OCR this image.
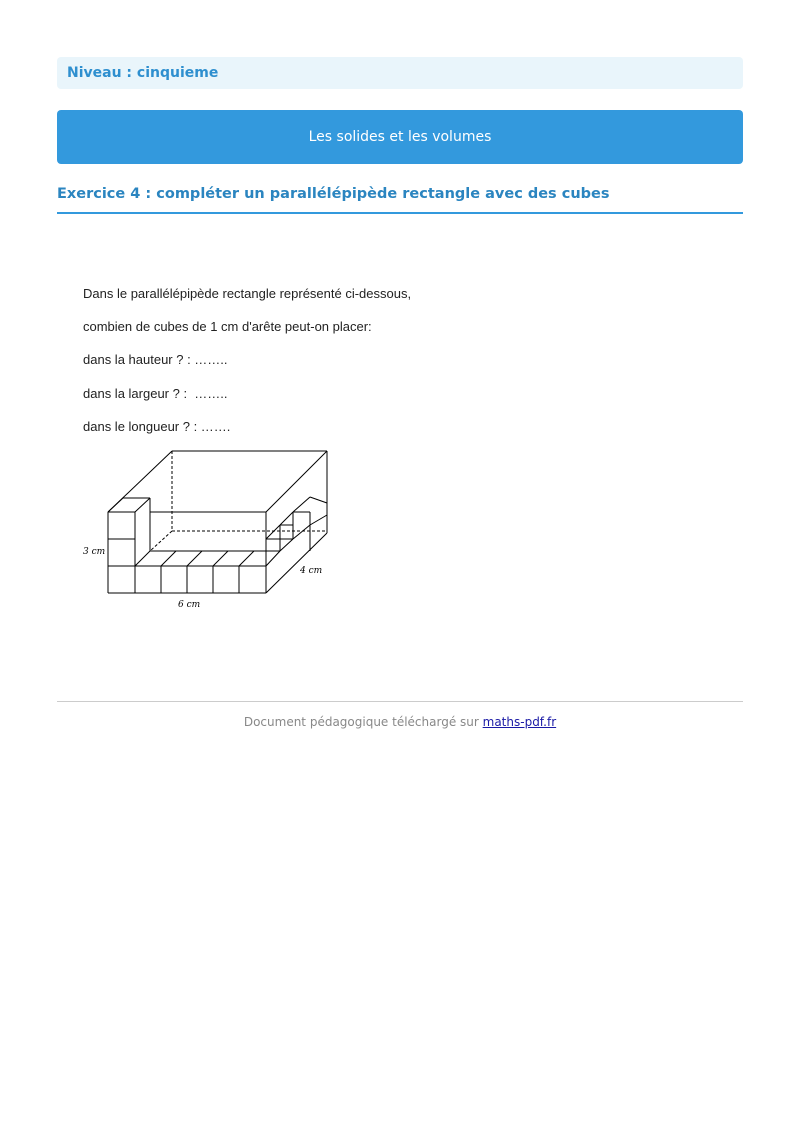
Niveau : cinquieme
Les solides et les volumes
Exercice 4 : compléter un parallélépipède rectangle avec des cubes
Dans le parallélépipède rectangle représenté ci-dessous,
combien de cubes de 1 cm d'arête peut-on placer:
dans la hauteur ? : ……..
dans la largeur ? :  ……..
dans le longueur ? : …….
3 cm
4 cm
6 cm
Document pédagogique téléchargé sur maths-pdf.fr
